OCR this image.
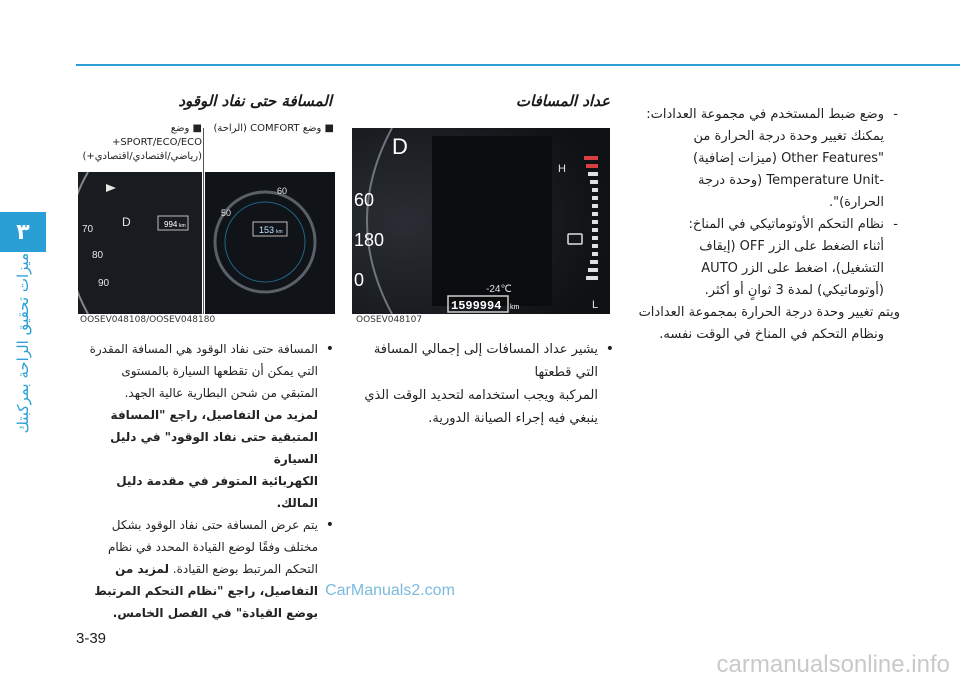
٣
ميزات تحقيق الراحة بمركبتك

- وضع ضبط المستخدم في مجموعة العدادات:

يمكنك تغيير وحدة درجة الحرارة من

"Other Features (ميزات إضافية)

-Temperature Unit (وحدة درجة

الحرارة)".

- نظام التحكم الأوتوماتيكي في المناخ:

أثناء الضغط على الزر OFF (إيقاف

التشغيل)، اضغط على الزر AUTO

(أوتوماتيكي) لمدة 3 ثوانٍ أو أكثر.

ويتم تغيير وحدة درجة الحرارة بمجموعة العدادات

ونظام التحكم في المناخ في الوقت نفسه.

عداد المسافات
D
60
180
0	-24℃
1599994 km
H
L
OOSEV048107

• يشير عداد المسافات إلى إجمالي المسافة التي قطعتها

المركبة ويجب استخدامه لتحديد الوقت الذي

ينبغي فيه إجراء الصيانة الدورية.

المسافة حتى نفاد الوقود
■ وضع COMFORT (الراحة)
■ وضع SPORT/ECO/ECO+
(رياضي/اقتصادي/اقتصادي+)
70
80
90
D	994 km
50
60
153 km
OOSEV048108/OOSEV048180

• المسافة حتى نفاد الوقود هي المسافة المقدرة

التي يمكن أن تقطعها السيارة بالمستوى

المتبقي من شحن البطارية عالية الجهد.

لمزيد من التفاصيل، راجع "المسافة

المتبقية حتى نفاد الوقود" في دليل السيارة

الكهربائية المتوفر في مقدمة دليل المالك.

• يتم عرض المسافة حتى نفاد الوقود بشكل

مختلف وفقًا لوضع القيادة المحدد في نظام

التحكم المرتبط بوضع القيادة. لمزيد من

التفاصيل، راجع "نظام التحكم المرتبط

بوضع القيادة" في الفصل الخامس.

CarManuals2.com
3-39
carmanualsonline.info
